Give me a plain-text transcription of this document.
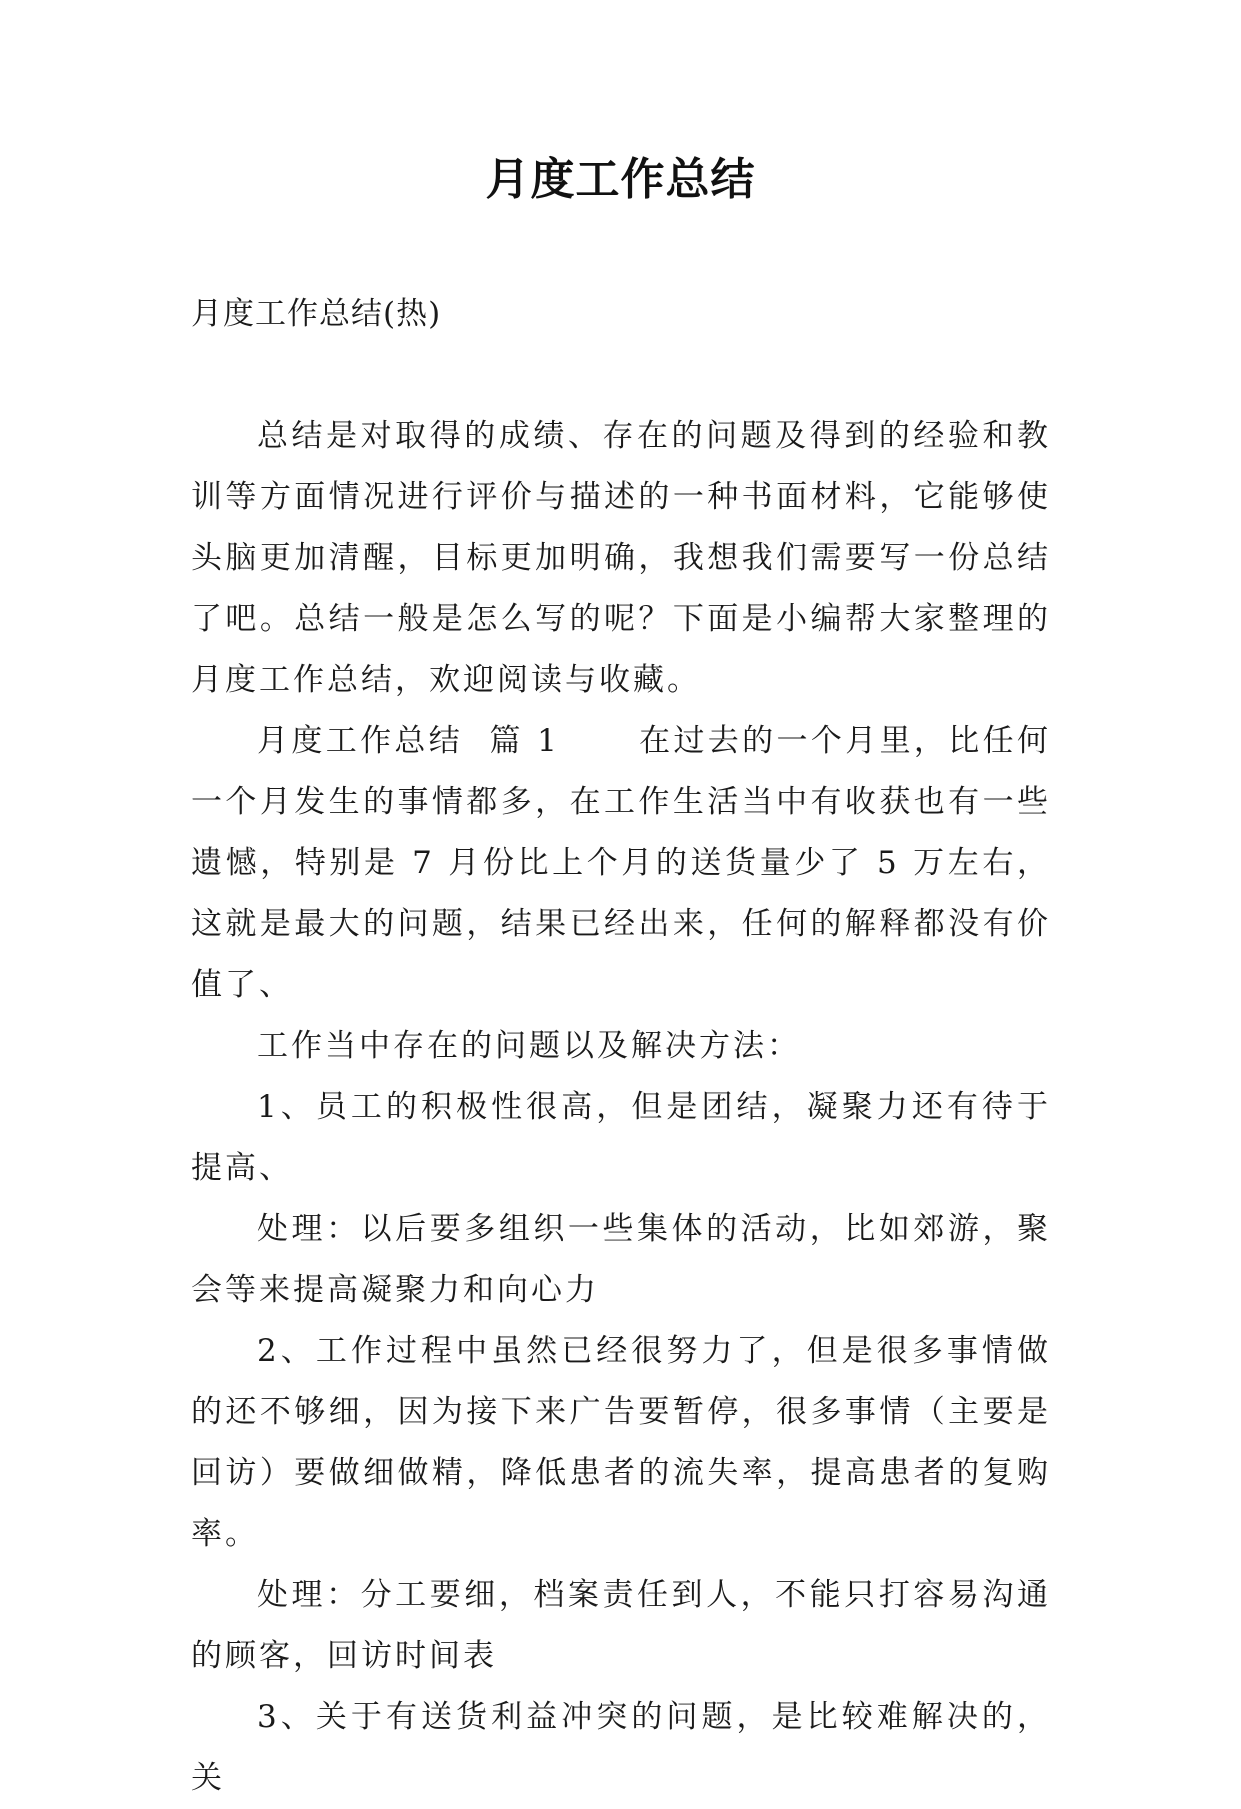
月度工作总结
月度工作总结(热)

总结是对取得的成绩、存在的问题及得到的经验和教训等方面情况进行评价与描述的一种书面材料，它能够使头脑更加清醒，目标更加明确，我想我们需要写一份总结了吧。总结一般是怎么写的呢？下面是小编帮大家整理的月度工作总结，欢迎阅读与收藏。

月度工作总结  篇 1      在过去的一个月里，比任何一个月发生的事情都多，在工作生活当中有收获也有一些遗憾，特别是 7 月份比上个月的送货量少了 5 万左右，这就是最大的问题，结果已经出来，任何的解释都没有价值了、

工作当中存在的问题以及解决方法：

1、员工的积极性很高，但是团结，凝聚力还有待于提高、

处理：以后要多组织一些集体的活动，比如郊游，聚会等来提高凝聚力和向心力

2、工作过程中虽然已经很努力了，但是很多事情做的还不够细，因为接下来广告要暂停，很多事情（主要是回访）要做细做精，降低患者的流失率，提高患者的复购率。

处理：分工要细，档案责任到人，不能只打容易沟通的顾客，回访时间表

3、关于有送货利益冲突的问题，是比较难解决的，关
